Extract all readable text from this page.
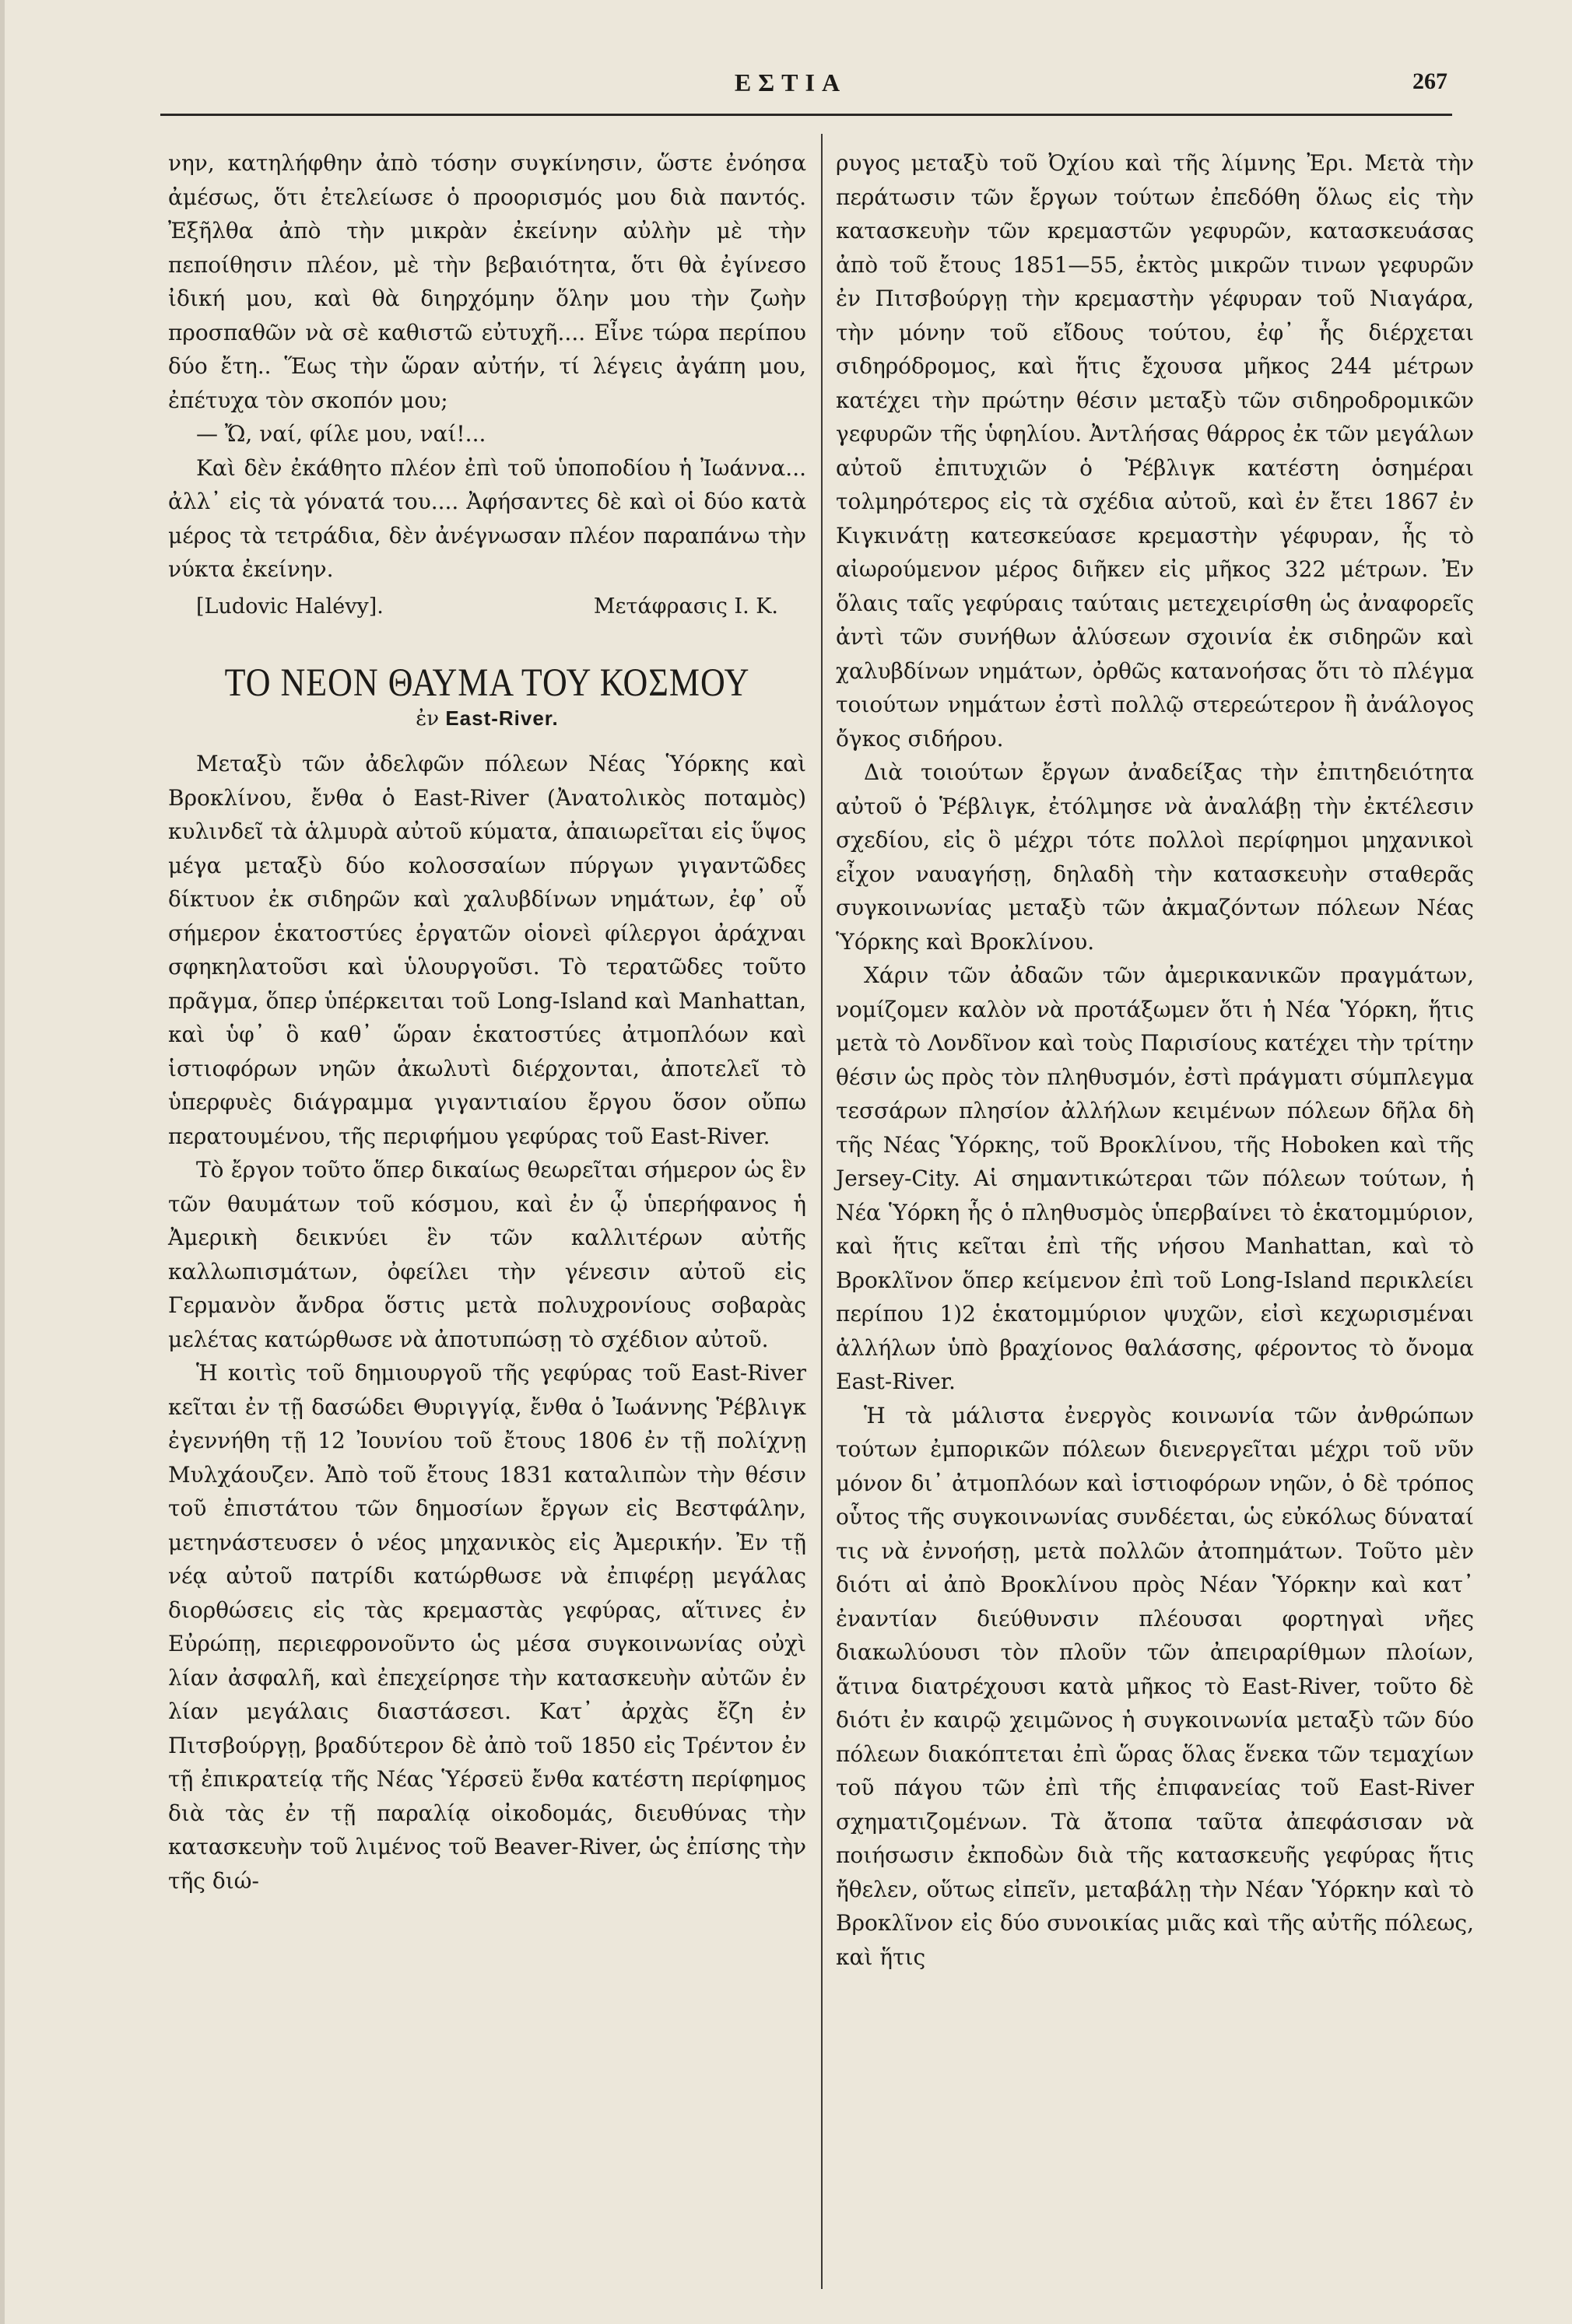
ΕΣΤΙΑ	267

νην, κατηλήφθην ἀπὸ τόσην συγκίνησιν, ὥστε ἐνόησα ἀμέσως, ὅτι ἐτελείωσε ὁ προορισμός μου διὰ παντός. Ἐξῆλθα ἀπὸ τὴν μικρὰν ἐκείνην αὐλὴν μὲ τὴν πεποίθησιν πλέον, μὲ τὴν βεβαιότητα, ὅτι θὰ ἐγίνεσο ἰδική μου, καὶ θὰ διηρχόμην ὅλην μου τὴν ζωὴν προσπαθῶν νὰ σὲ καθιστῶ εὐτυχῆ.... Εἶνε τώρα περίπου δύο ἔτη.. Ἕως τὴν ὥραν αὐτήν, τί λέγεις ἀγάπη μου, ἐπέτυχα τὸν σκοπόν μου;

— Ὤ, ναί, φίλε μου, ναί!...

Καὶ δὲν ἐκάθητο πλέον ἐπὶ τοῦ ὑποποδίου ἡ Ἰωάννα... ἀλλ᾽ εἰς τὰ γόνατά του.... Ἀφήσαντες δὲ καὶ οἱ δύο κατὰ μέρος τὰ τετράδια, δὲν ἀνέγνωσαν πλέον παραπάνω τὴν νύκτα ἐκείνην.

[Ludovic Halévy].	Μετάφρασις Ι. Κ.

ΤΟ ΝΕΟΝ ΘΑΥΜΑ ΤΟΥ ΚΟΣΜΟΥ

ἐν East-River.

Μεταξὺ τῶν ἀδελφῶν πόλεων Νέας Ὑόρκης καὶ Βροκλίνου, ἔνθα ὁ East-River (Ἀνατολικὸς ποταμὸς) κυλινδεῖ τὰ ἁλμυρὰ αὐτοῦ κύματα, ἀπαιωρεῖται εἰς ὕψος μέγα μεταξὺ δύο κολοσσαίων πύργων γιγαντῶδες δίκτυον ἐκ σιδηρῶν καὶ χαλυβδίνων νημάτων, ἐφ᾽ οὗ σήμερον ἑκατοστύες ἐργατῶν οἱονεὶ φίλεργοι ἀράχναι σφηκηλατοῦσι καὶ ὑλουργοῦσι. Τὸ τερατῶδες τοῦτο πρᾶγμα, ὅπερ ὑπέρκειται τοῦ Long-Island καὶ Manhattan, καὶ ὑφ᾽ ὃ καθ᾽ ὥραν ἑκατοστύες ἀτμοπλόων καὶ ἱστιοφόρων νηῶν ἀκωλυτὶ διέρχονται, ἀποτελεῖ τὸ ὑπερφυὲς διάγραμμα γιγαντιαίου ἔργου ὅσον οὔπω περατουμένου, τῆς περιφήμου γεφύρας τοῦ East-River.

Τὸ ἔργον τοῦτο ὅπερ δικαίως θεωρεῖται σήμερον ὡς ἓν τῶν θαυμάτων τοῦ κόσμου, καὶ ἐν ᾧ ὑπερήφανος ἡ Ἀμερικὴ δεικνύει ἓν τῶν καλλιτέρων αὐτῆς καλλωπισμάτων, ὀφείλει τὴν γένεσιν αὐτοῦ εἰς Γερμανὸν ἄνδρα ὅστις μετὰ πολυχρονίους σοβαρὰς μελέτας κατώρθωσε νὰ ἀποτυπώσῃ τὸ σχέδιον αὐτοῦ.

Ἡ κοιτὶς τοῦ δημιουργοῦ τῆς γεφύρας τοῦ East-River κεῖται ἐν τῇ δασώδει Θυριγγίᾳ, ἔνθα ὁ Ἰωάννης Ῥέβλιγκ ἐγεννήθη τῇ 12 Ἰουνίου τοῦ ἔτους 1806 ἐν τῇ πολίχνῃ Μυλχάουζεν. Ἀπὸ τοῦ ἔτους 1831 καταλιπὼν τὴν θέσιν τοῦ ἐπιστάτου τῶν δημοσίων ἔργων εἰς Βεστφάλην, μετηνάστευσεν ὁ νέος μηχανικὸς εἰς Ἀμερικήν. Ἐν τῇ νέᾳ αὐτοῦ πατρίδι κατώρθωσε νὰ ἐπιφέρῃ μεγάλας διορθώσεις εἰς τὰς κρεμαστὰς γεφύρας, αἵτινες ἐν Εὐρώπῃ, περιεφρονοῦντο ὡς μέσα συγκοινωνίας οὐχὶ λίαν ἀσφαλῆ, καὶ ἐπεχείρησε τὴν κατασκευὴν αὐτῶν ἐν λίαν μεγάλαις διαστάσεσι. Κατ᾽ ἀρχὰς ἔζη ἐν Πιτσβούργῃ, βραδύτερον δὲ ἀπὸ τοῦ 1850 εἰς Τρέντον ἐν τῇ ἐπικρατείᾳ τῆς Νέας Ὑέρσεϋ ἔνθα κατέστη περίφημος διὰ τὰς ἐν τῇ παραλίᾳ οἰκοδομάς, διευθύνας τὴν κατασκευὴν τοῦ λιμένος τοῦ Beaver-River, ὡς ἐπίσης τὴν τῆς διώ-

ρυγος μεταξὺ τοῦ Ὀχίου καὶ τῆς λίμνης Ἐρι. Μετὰ τὴν περάτωσιν τῶν ἔργων τούτων ἐπεδόθη ὅλως εἰς τὴν κατασκευὴν τῶν κρεμαστῶν γεφυρῶν, κατασκευάσας ἀπὸ τοῦ ἔτους 1851—55, ἐκτὸς μικρῶν τινων γεφυρῶν ἐν Πιτσβούργῃ τὴν κρεμαστὴν γέφυραν τοῦ Νιαγάρα, τὴν μόνην τοῦ εἴδους τούτου, ἐφ᾽ ἧς διέρχεται σιδηρόδρομος, καὶ ἥτις ἔχουσα μῆκος 244 μέτρων κατέχει τὴν πρώτην θέσιν μεταξὺ τῶν σιδηροδρομικῶν γεφυρῶν τῆς ὑφηλίου. Ἀντλήσας θάρρος ἐκ τῶν μεγάλων αὐτοῦ ἐπιτυχιῶν ὁ Ῥέβλιγκ κατέστη ὁσημέραι τολμηρότερος εἰς τὰ σχέδια αὐτοῦ, καὶ ἐν ἔτει 1867 ἐν Κιγκινάτῃ κατεσκεύασε κρεμαστὴν γέφυραν, ἧς τὸ αἰωρούμενον μέρος διῆκεν εἰς μῆκος 322 μέτρων. Ἐν ὅλαις ταῖς γεφύραις ταύταις μετεχειρίσθη ὡς ἀναφορεῖς ἀντὶ τῶν συνήθων ἁλύσεων σχοινία ἐκ σιδηρῶν καὶ χαλυβδίνων νημάτων, ὀρθῶς κατανοήσας ὅτι τὸ πλέγμα τοιούτων νημάτων ἐστὶ πολλῷ στερεώτερον ἢ ἀνάλογος ὄγκος σιδήρου.

Διὰ τοιούτων ἔργων ἀναδείξας τὴν ἐπιτηδειότητα αὐτοῦ ὁ Ῥέβλιγκ, ἐτόλμησε νὰ ἀναλάβῃ τὴν ἐκτέλεσιν σχεδίου, εἰς ὃ μέχρι τότε πολλοὶ περίφημοι μηχανικοὶ εἶχον ναυαγήσῃ, δηλαδὴ τὴν κατασκευὴν σταθερᾶς συγκοινωνίας μεταξὺ τῶν ἀκμαζόντων πόλεων Νέας Ὑόρκης καὶ Βροκλίνου.

Χάριν τῶν ἀδαῶν τῶν ἀμερικανικῶν πραγμάτων, νομίζομεν καλὸν νὰ προτάξωμεν ὅτι ἡ Νέα Ὑόρκη, ἥτις μετὰ τὸ Λονδῖνον καὶ τοὺς Παρισίους κατέχει τὴν τρίτην θέσιν ὡς πρὸς τὸν πληθυσμόν, ἐστὶ πράγματι σύμπλεγμα τεσσάρων πλησίον ἀλλήλων κειμένων πόλεων δῆλα δὴ τῆς Νέας Ὑόρκης, τοῦ Βροκλίνου, τῆς Hoboken καὶ τῆς Jersey-City. Αἱ σημαντικώτεραι τῶν πόλεων τούτων, ἡ Νέα Ὑόρκη ἧς ὁ πληθυσμὸς ὑπερβαίνει τὸ ἑκατομμύριον, καὶ ἥτις κεῖται ἐπὶ τῆς νήσου Manhattan, καὶ τὸ Βροκλῖνον ὅπερ κείμενον ἐπὶ τοῦ Long-Island περικλείει περίπου 1)2 ἑκατομμύριον ψυχῶν, εἰσὶ κεχωρισμέναι ἀλλήλων ὑπὸ βραχίονος θαλάσσης, φέροντος τὸ ὄνομα East-River.

Ἡ τὰ μάλιστα ἐνεργὸς κοινωνία τῶν ἀνθρώπων τούτων ἐμπορικῶν πόλεων διενεργεῖται μέχρι τοῦ νῦν μόνον δι᾽ ἀτμοπλόων καὶ ἱστιοφόρων νηῶν, ὁ δὲ τρόπος οὗτος τῆς συγκοινωνίας συνδέεται, ὡς εὐκόλως δύναταί τις νὰ ἐννοήσῃ, μετὰ πολλῶν ἀτοπημάτων. Τοῦτο μὲν διότι αἱ ἀπὸ Βροκλίνου πρὸς Νέαν Ὑόρκην καὶ κατ᾽ ἐναντίαν διεύθυνσιν πλέουσαι φορτηγαὶ νῆες διακωλύουσι τὸν πλοῦν τῶν ἀπειραρίθμων πλοίων, ἅτινα διατρέχουσι κατὰ μῆκος τὸ East-River, τοῦτο δὲ διότι ἐν καιρῷ χειμῶνος ἡ συγκοινωνία μεταξὺ τῶν δύο πόλεων διακόπτεται ἐπὶ ὥρας ὅλας ἕνεκα τῶν τεμαχίων τοῦ πάγου τῶν ἐπὶ τῆς ἐπιφανείας τοῦ East-River σχηματιζομένων. Τὰ ἄτοπα ταῦτα ἀπεφάσισαν νὰ ποιήσωσιν ἐκποδὼν διὰ τῆς κατασκευῆς γεφύρας ἥτις ἤθελεν, οὕτως εἰπεῖν, μεταβάλῃ τὴν Νέαν Ὑόρκην καὶ τὸ Βροκλῖνον εἰς δύο συνοικίας μιᾶς καὶ τῆς αὐτῆς πόλεως, καὶ ἥτις
